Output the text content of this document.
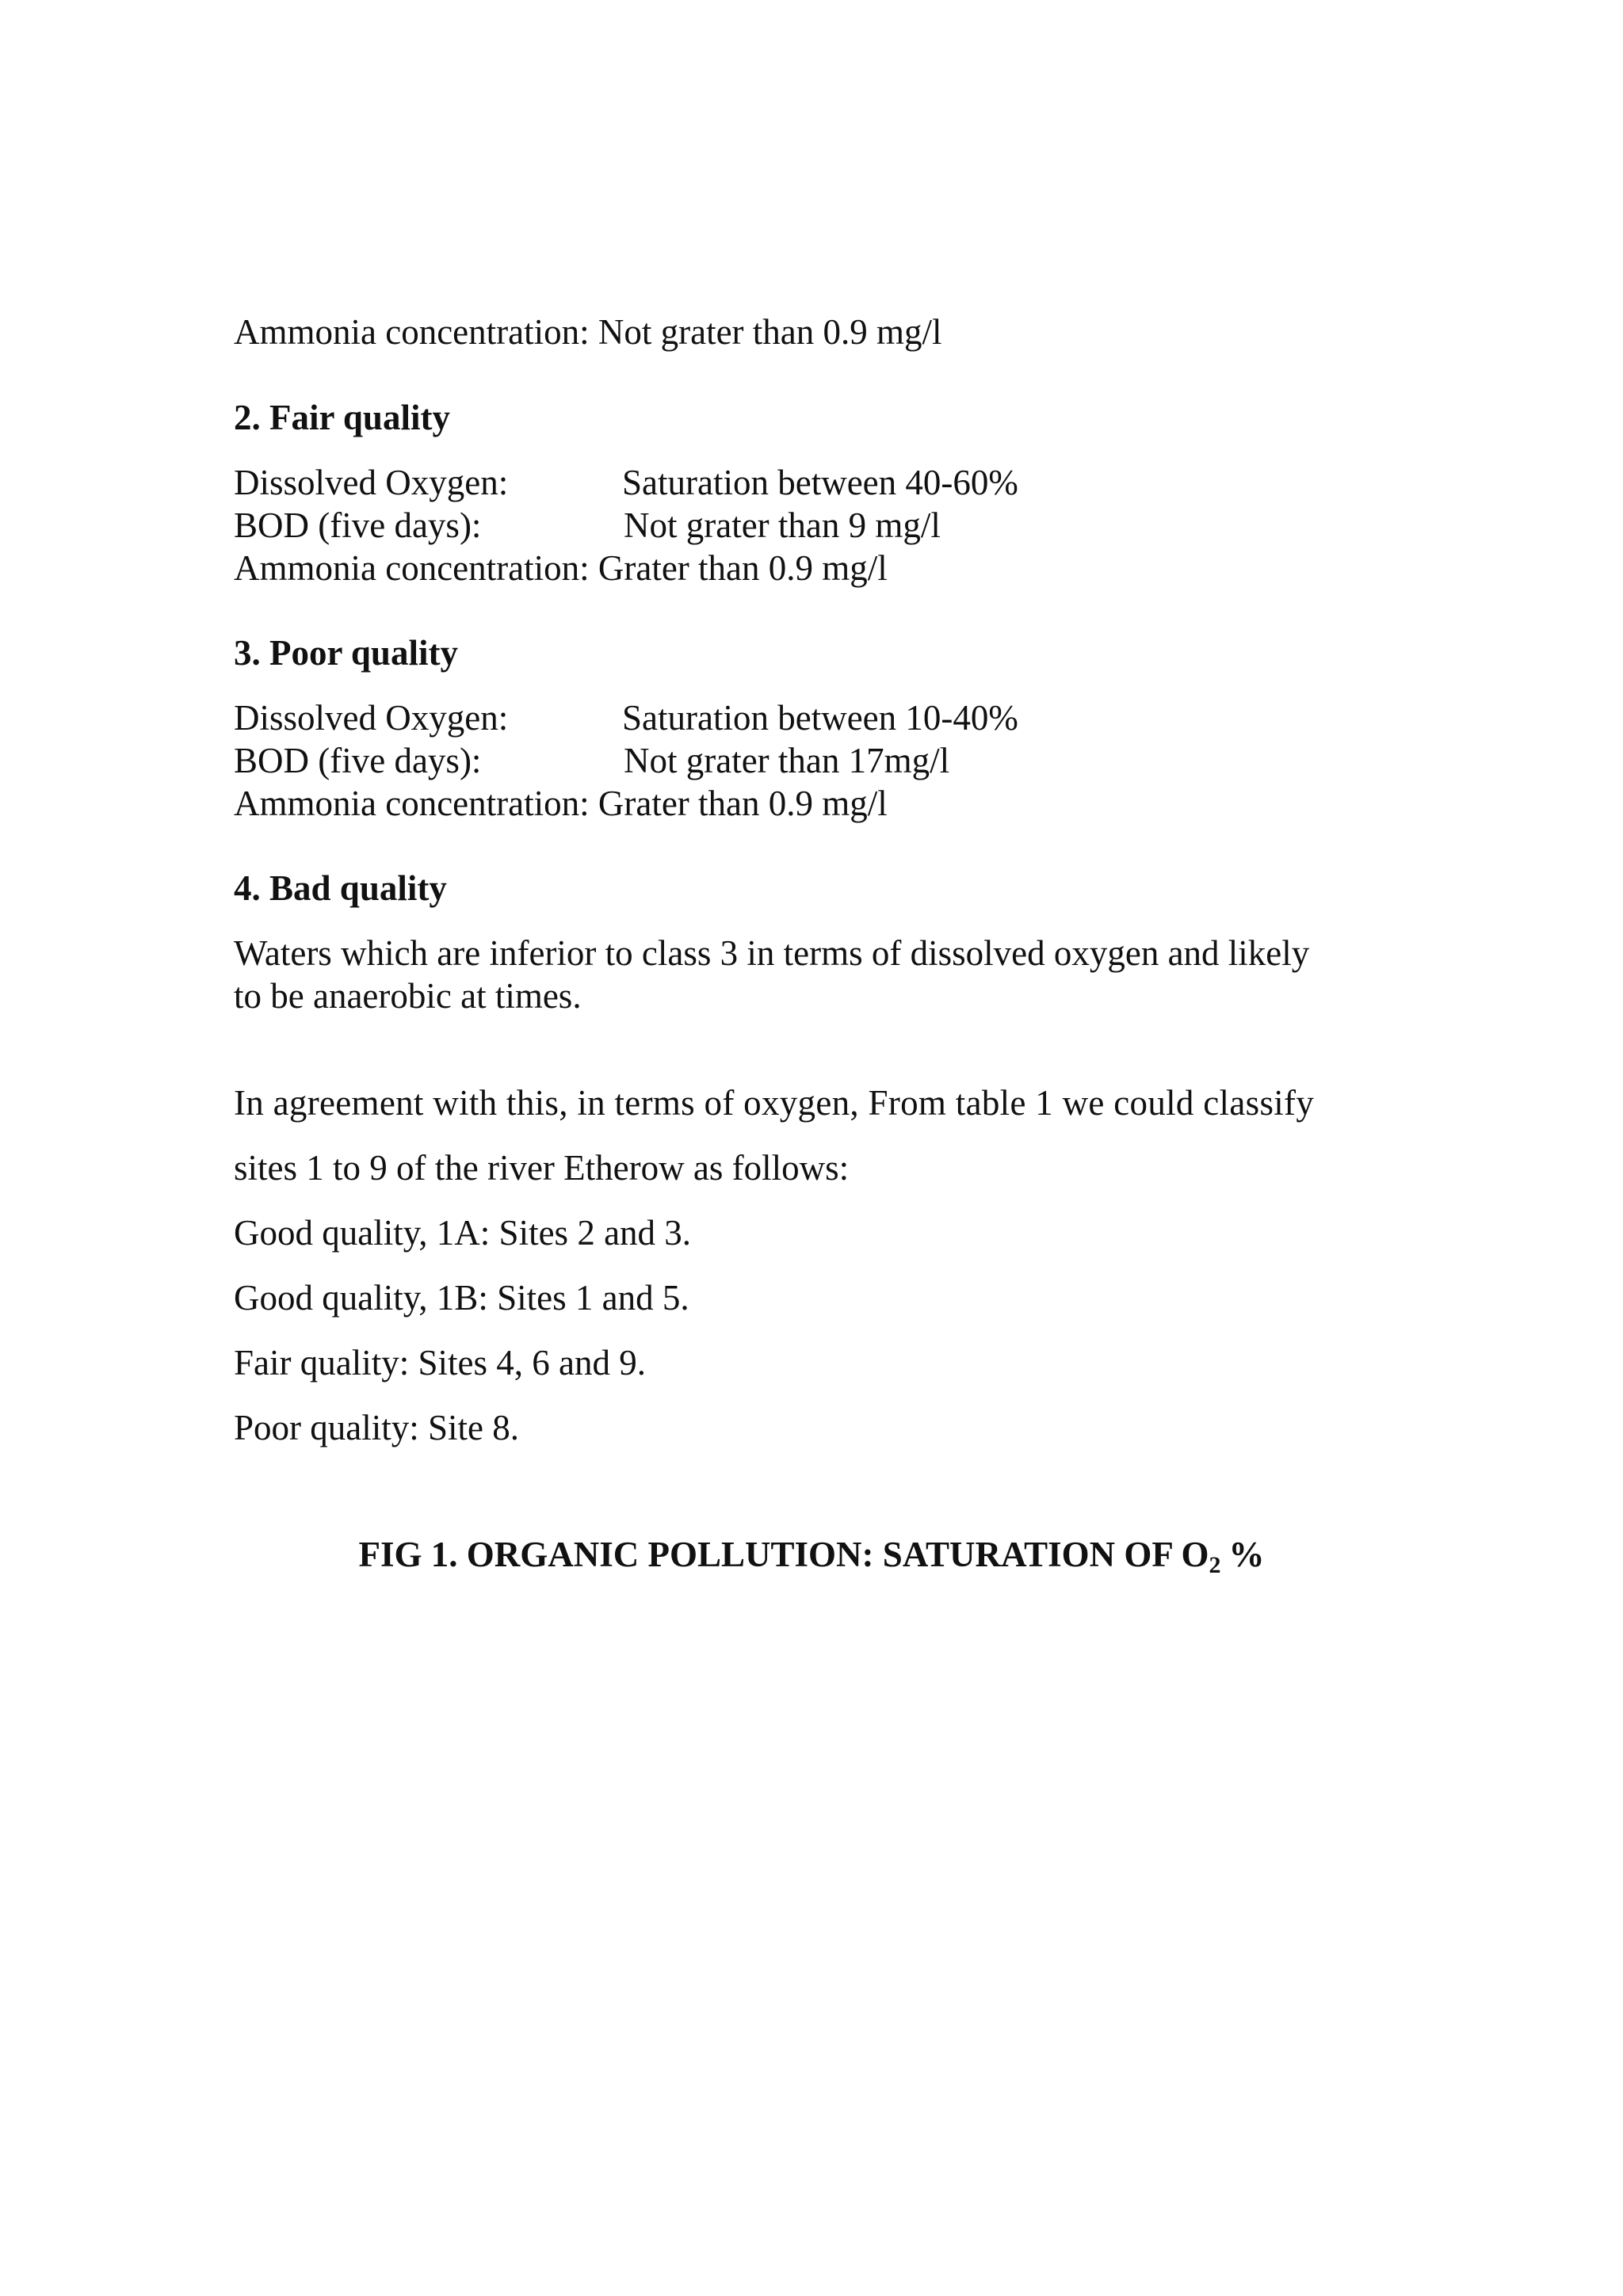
Ammonia concentration: Not grater than 0.9 mg/l
2. Fair quality
Dissolved Oxygen:	Saturation between 40-60%
BOD (five days):	Not grater than 9 mg/l
Ammonia concentration: Grater than 0.9 mg/l
3. Poor quality
Dissolved Oxygen:	Saturation between 10-40%
BOD (five days):	Not grater than 17mg/l
Ammonia concentration: Grater than 0.9 mg/l
4. Bad quality
Waters which are inferior to class 3 in terms of dissolved oxygen and likely
to be anaerobic at times.
In agreement with this, in terms of oxygen, From table 1 we could classify
sites 1 to 9 of the river Etherow as follows:
Good quality, 1A: Sites 2 and 3.
Good quality, 1B: Sites 1 and 5.
Fair quality: Sites 4, 6 and 9.
Poor quality: Site 8.
FIG 1. ORGANIC POLLUTION: SATURATION OF $O_2$ %
